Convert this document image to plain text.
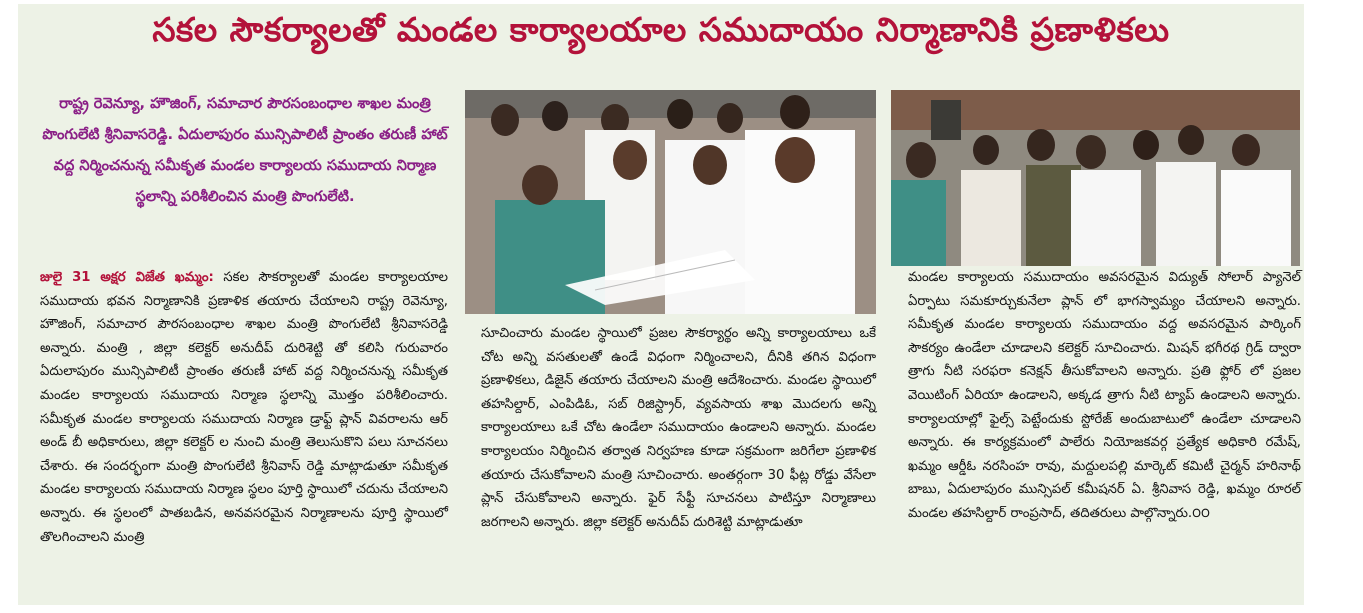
సకల సౌకర్యాలతో మండల కార్యాలయాల సముదాయం నిర్మాణానికి ప్రణాళికలు
రాష్ట్ర రెవెన్యూ, హౌజింగ్, సమాచార పౌరసంబంధాల శాఖల మంత్రి పొంగులేటి శ్రీనివాసరెడ్డి. ఏదులాపురం మున్సిపాలిటీ ప్రాంతం తరుణీ హాట్ వద్ద నిర్మించనున్న సమీకృత మండల కార్యాలయ సముదాయ నిర్మాణ స్థలాన్ని పరిశీలించిన మంత్రి పొంగులేటి.
జులై 31 అక్షర విజేత ఖమ్మం: సకల సౌకర్యాలతో మండల కార్యాలయాల సముదాయ భవన నిర్మాణానికి ప్రణాళిక తయారు చేయాలని రాష్ట్ర రెవెన్యూ, హౌజింగ్, సమాచార పౌరసంబంధాల శాఖల మంత్రి పొంగులేటి శ్రీనివాసరెడ్డి అన్నారు. మంత్రి , జిల్లా కలెక్టర్ అనుదీప్ దురిశెట్టి తో కలిసి గురువారం ఏదులాపురం మున్సిపాలిటీ ప్రాంతం తరుణీ హాట్ వద్ద నిర్మించనున్న సమీకృత మండల కార్యాలయ సముదాయ నిర్మాణ స్థలాన్ని మొత్తం పరిశీలించారు. సమీకృత మండల కార్యాలయ సముదాయ నిర్మాణ డ్రాఫ్ట్ ప్లాన్ వివరాలను ఆర్ అండ్ బీ అధికారులు, జిల్లా కలెక్టర్ ల నుంచి మంత్రి తెలుసుకొని పలు సూచనలు చేశారు. ఈ సందర్భంగా మంత్రి పొంగులేటి శ్రీనివాస్ రెడ్డి మాట్లాడుతూ సమీకృత మండల కార్యాలయ సముదాయ నిర్మాణ స్థలం పూర్తి స్థాయిలో చదును చేయాలని అన్నారు. ఈ స్థలంలో పాతబడిన, అనవసరమైన నిర్మాణాలను పూర్తి స్థాయిలో తొలగించాలని మంత్రి
సూచించారు మండల స్థాయిలో ప్రజల సౌకర్యార్థం అన్ని కార్యాలయాలు ఒకే చోట అన్ని వసతులతో ఉండే విధంగా నిర్మించాలని, దీనికి తగిన విధంగా ప్రణాళికలు, డిజైన్ తయారు చేయాలని మంత్రి ఆదేశించారు. మండల స్థాయిలో తహసిల్దార్, ఎంపిడిఓ, సబ్ రిజిస్ట్రార్, వ్యవసాయ శాఖ మొదలగు అన్ని కార్యాలయాలు ఒకే చోట ఉండేలా సముదాయం ఉండాలని అన్నారు. మండల కార్యాలయం నిర్మించిన తర్వాత నిర్వహణ కూడా సక్రమంగా జరిగేలా ప్రణాళిక తయారు చేసుకోవాలని మంత్రి సూచించారు. అంతర్గంగా 30 ఫీట్ల రోడ్డు వేసేలా ప్లాన్ చేసుకోవాలని అన్నారు. ఫైర్ సేఫ్టీ సూచనలు పాటిస్తూ నిర్మాణాలు జరగాలని అన్నారు. జిల్లా కలెక్టర్ అనుదీప్ దురిశెట్టి మాట్లాడుతూ
మండల కార్యాలయ సముదాయం అవసరమైన విద్యుత్ సోలార్ ప్యానెల్ ఏర్పాటు సమకూర్చుకునేలా ప్లాన్ లో భాగస్వామ్యం చేయాలని అన్నారు. సమీకృత మండల కార్యాలయ సముదాయం వద్ద అవసరమైన పార్కింగ్ సౌకర్యం ఉండేలా చూడాలని కలెక్టర్ సూచించారు. మిషన్ భగీరథ గ్రిడ్ ద్వారా త్రాగు నీటి సరఫరా కనెక్షన్ తీసుకోవాలని అన్నారు. ప్రతి ఫ్లోర్ లో ప్రజల వెయిటింగ్ ఏరియా ఉండాలని, అక్కడ త్రాగు నీటి ట్యాప్ ఉండాలని అన్నారు. కార్యాలయాల్లో ఫైల్స్ పెట్టేందుకు స్టోరేజ్ అందుబాటులో ఉండేలా చూడాలని అన్నారు. ఈ కార్యక్రమంలో పాలేరు నియోజకవర్గ ప్రత్యేక అధికారి రమేష్, ఖమ్మం ఆర్డీఓ నరసింహ రావు, మద్దులపల్లి మార్కెట్ కమిటీ చైర్మన్ హరినాథ్ బాబు, ఏదులాపురం మున్సిపల్ కమీషనర్ ఏ. శ్రీనివాస రెడ్డి, ఖమ్మం రూరల్ మండల తహసిల్దార్ రాంప్రసాద్, తదితరులు పాల్గొన్నారు.౦౦
